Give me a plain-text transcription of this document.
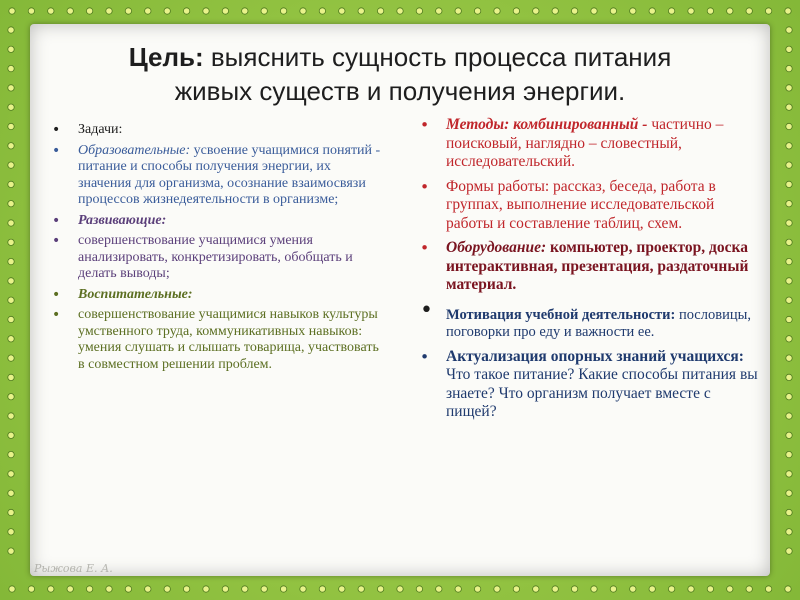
Цель: выяснить сущность процесса питания
живых существ и получения энергии.
• Задачи:
• Образовательные: усвоение учащимися понятий - питание и способы получения энергии, их значения для организма, осознание взаимосвязи процессов жизнедеятельности в организме;
• Развивающие:
• совершенствование учащимися умения анализировать, конкретизировать, обобщать и делать выводы;
• Воспитательные:
• совершенствование учащимися навыков культуры умственного труда, коммуникативных навыков: умения слушать и слышать товарища, участвовать в совместном решении проблем.
• Методы: комбинированный - частично – поисковый, наглядно – словестный, исследовательский.
• Формы работы: рассказ, беседа, работа в группах, выполнение исследовательской работы и составление таблиц, схем.
• Оборудование: компьютер, проектор, доска интерактивная, презентация, раздаточный материал.
• Мотивация учебной деятельности: пословицы, поговорки про еду и важности ее.
• Актуализация опорных знаний учащихся: Что такое питание? Какие способы питания вы знаете? Что организм получает вместе с пищей?
Рыжова Е. А.
